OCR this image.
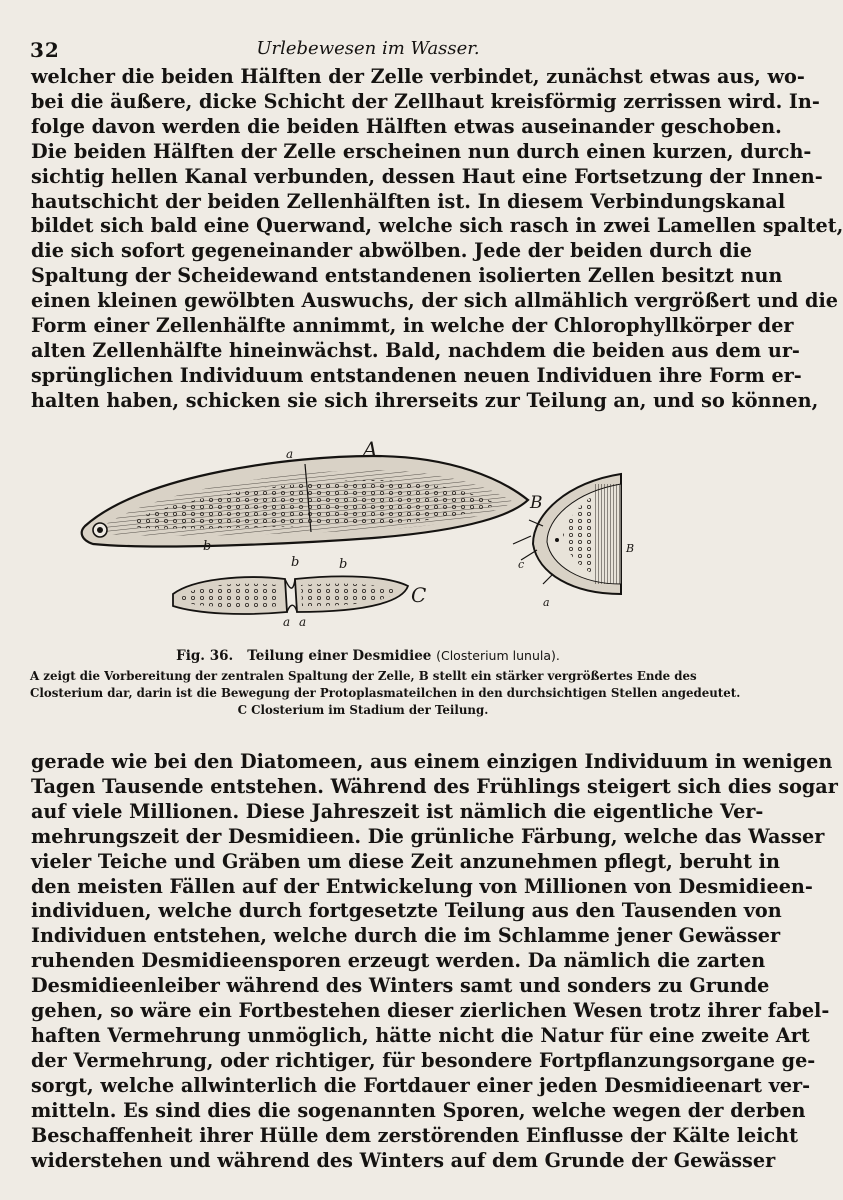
32	Urlebewesen im Wasser.
welcher die beiden Hälften der Zelle verbindet, zunächst etwas aus, wo-
bei die äußere, dicke Schicht der Zellhaut kreisförmig zerrissen wird. In-
folge davon werden die beiden Hälften etwas auseinander geschoben.
Die beiden Hälften der Zelle erscheinen nun durch einen kurzen, durch-
sichtig hellen Kanal verbunden, dessen Haut eine Fortsetzung der Innen-
hautschicht der beiden Zellenhälften ist. In diesem Verbindungskanal
bildet sich bald eine Querwand, welche sich rasch in zwei Lamellen spaltet,
die sich sofort gegeneinander abwölben. Jede der beiden durch die
Spaltung der Scheidewand entstandenen isolierten Zellen besitzt nun
einen kleinen gewölbten Auswuchs, der sich allmählich vergrößert und die
Form einer Zellenhälfte annimmt, in welche der Chlorophyllkörper der
alten Zellenhälfte hineinwächst. Bald, nachdem die beiden aus dem ur-
sprünglichen Individuum entstandenen neuen Individuen ihre Form er-
halten haben, schicken sie sich ihrerseits zur Teilung an, und so können,
A
a
b
b	b
C
a a
B
B
c
a
Fig. 36. Teilung einer Desmidiee (Closterium lunula).
A zeigt die Vorbereitung der zentralen Spaltung der Zelle, B stellt ein stärker vergrößertes Ende des
Closterium dar, darin ist die Bewegung der Protoplasmateilchen in den durchsichtigen Stellen angedeutet.
C Closterium im Stadium der Teilung.
gerade wie bei den Diatomeen, aus einem einzigen Individuum in wenigen
Tagen Tausende entstehen. Während des Frühlings steigert sich dies sogar
auf viele Millionen. Diese Jahreszeit ist nämlich die eigentliche Ver-
mehrungszeit der Desmidieen. Die grünliche Färbung, welche das Wasser
vieler Teiche und Gräben um diese Zeit anzunehmen pflegt, beruht in
den meisten Fällen auf der Entwickelung von Millionen von Desmidieen-
individuen, welche durch fortgesetzte Teilung aus den Tausenden von
Individuen entstehen, welche durch die im Schlamme jener Gewässer
ruhenden Desmidieensporen erzeugt werden. Da nämlich die zarten
Desmidieenleiber während des Winters samt und sonders zu Grunde
gehen, so wäre ein Fortbestehen dieser zierlichen Wesen trotz ihrer fabel-
haften Vermehrung unmöglich, hätte nicht die Natur für eine zweite Art
der Vermehrung, oder richtiger, für besondere Fortpflanzungsorgane ge-
sorgt, welche allwinterlich die Fortdauer einer jeden Desmidieenart ver-
mitteln. Es sind dies die sogenannten Sporen, welche wegen der derben
Beschaffenheit ihrer Hülle dem zerstörenden Einflusse der Kälte leicht
widerstehen und während des Winters auf dem Grunde der Gewässer
